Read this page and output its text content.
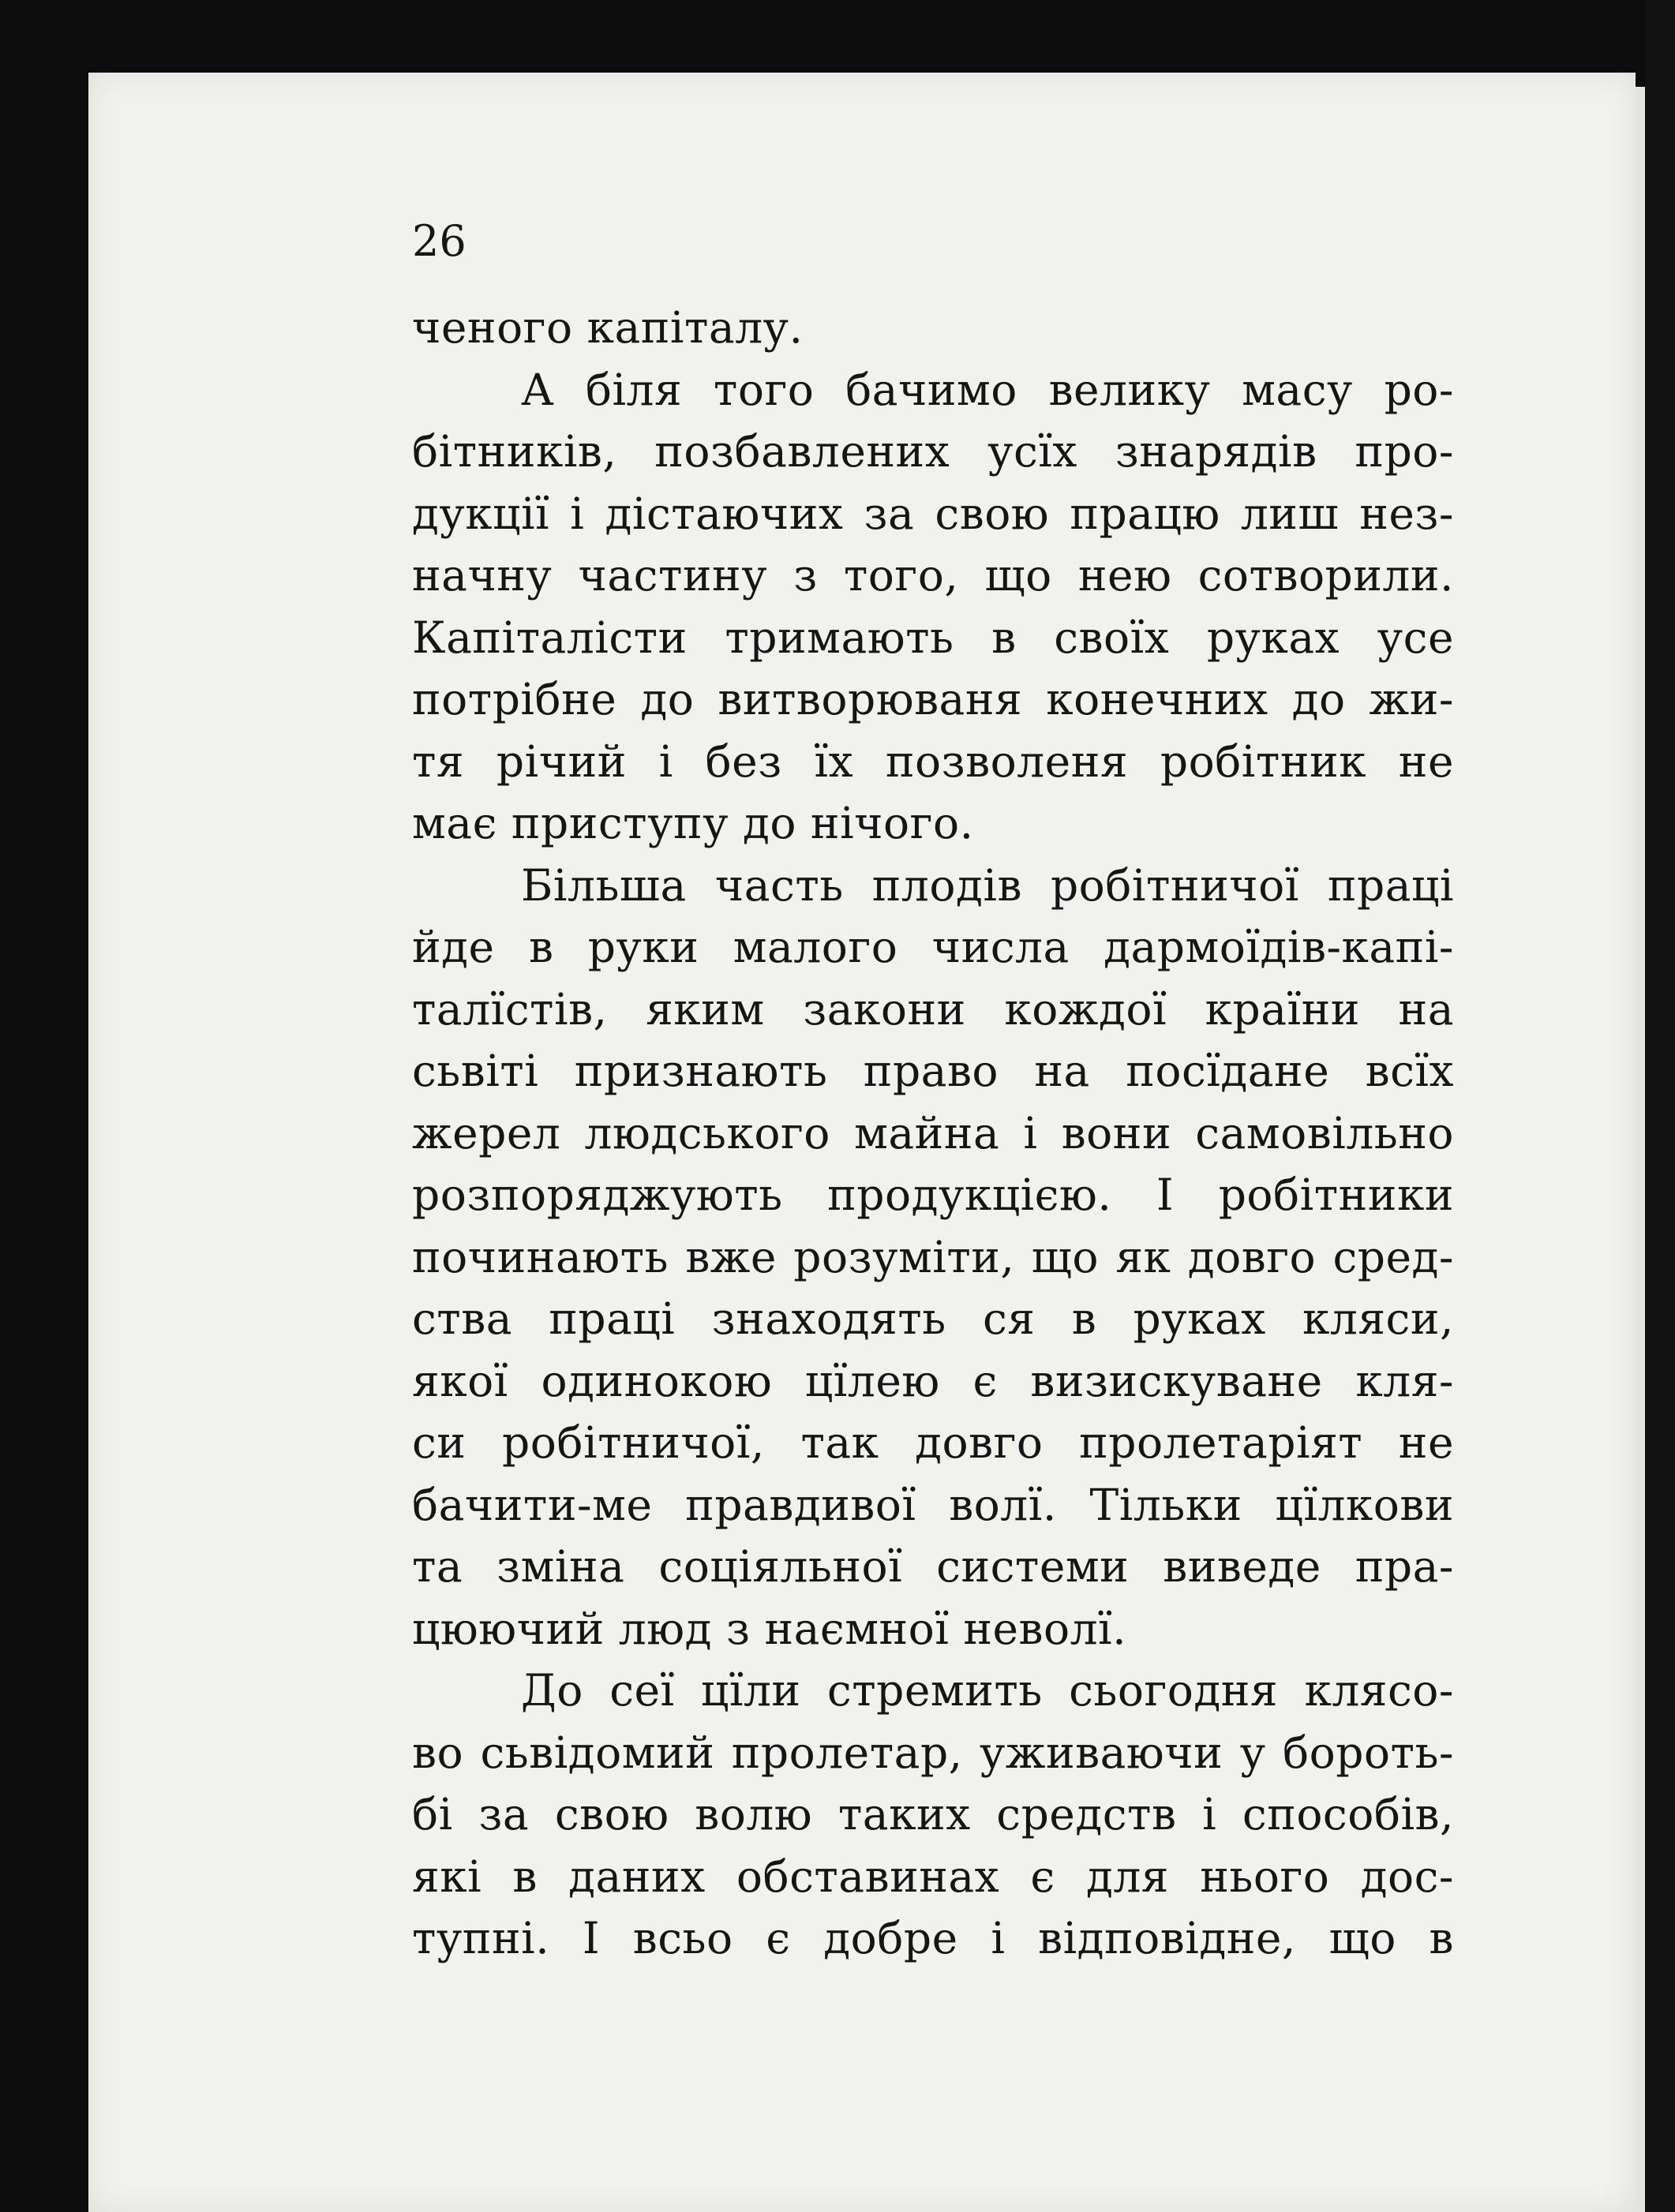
26
ченого капіталу.
А біля того бачимо велику масу ро-
бітників, позбавлених усїх знарядів про-
дукції і дістаючих за свою працю лиш нез-
начну частину з того, що нею сотворили.
Капіталісти тримають в своїх руках усе
потрібне до витворюваня конечних до жи-
тя річий і без їх позволеня робітник не
має приступу до нічого.
Більша часть плодів робітничої праці
йде в руки малого числа дармоїдів-капі-
талїстів, яким закони кождої країни на
сьвіті признають право на посїдане всїх
жерел людського майна і вони самовільно
розпоряджують продукцією. І робітники
починають вже розуміти, що як довго сред-
ства праці знаходять ся в руках кляси,
якої одинокою цїлею є визискуване кля-
си робітничої, так довго пролетаріят не
бачити-ме правдивої волї. Тільки цїлкови
та зміна соціяльної системи виведе пра-
цюючий люд з наємної неволї.
До сеї цїли стремить сьогодня клясо-
во сьвідомий пролетар, уживаючи у борoть-
бі за свою волю таких средств і способів,
які в даних обставинах є для нього дос-
тупні. І всьо є добре і відповідне, що в
